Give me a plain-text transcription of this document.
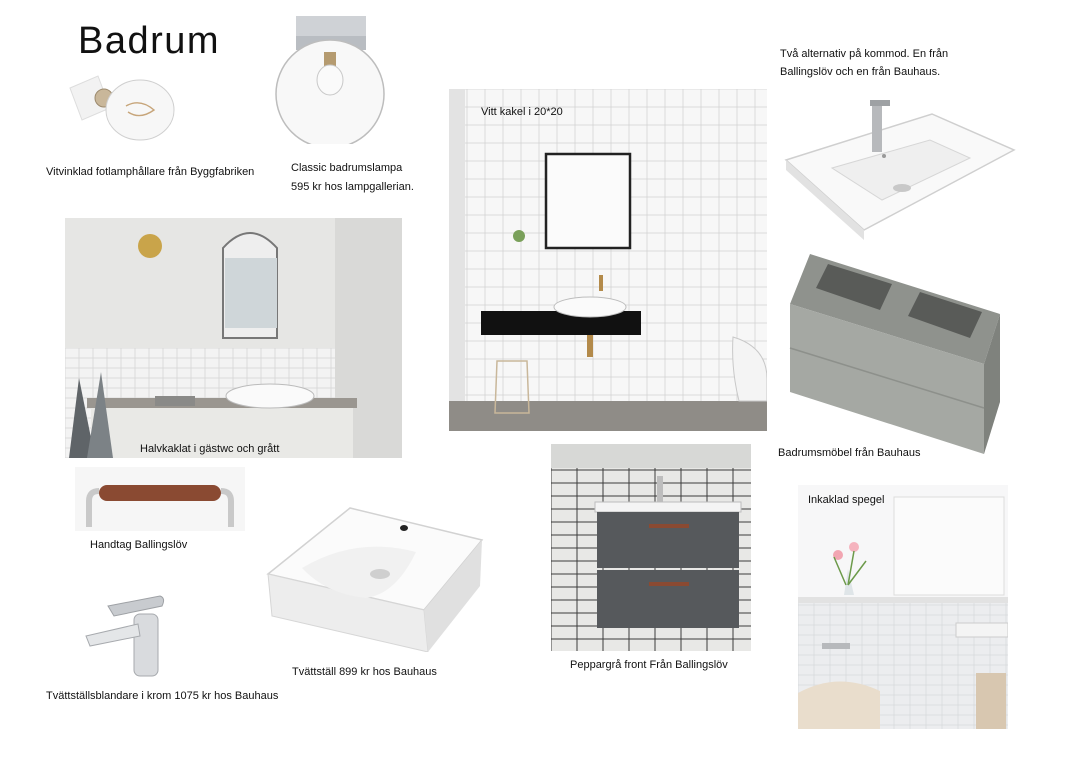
Badrum
Vitvinklad fotlamphållare från Byggfabriken	Classic badrumslampa
595 kr hos lampgallerian.
Halvkaklat i gästwc och grått
Vitt kakel i 20*20
Två alternativ på kommod. En från
Ballingslöv och en från Bauhaus.
Badrumsmöbel från Bauhaus
Handtag Ballingslöv
Tvättställ 899 kr hos Bauhaus
Peppargrå front Från Ballingslöv
Inkaklad spegel
Tvättställsblandare i krom 1075 kr hos Bauhaus
